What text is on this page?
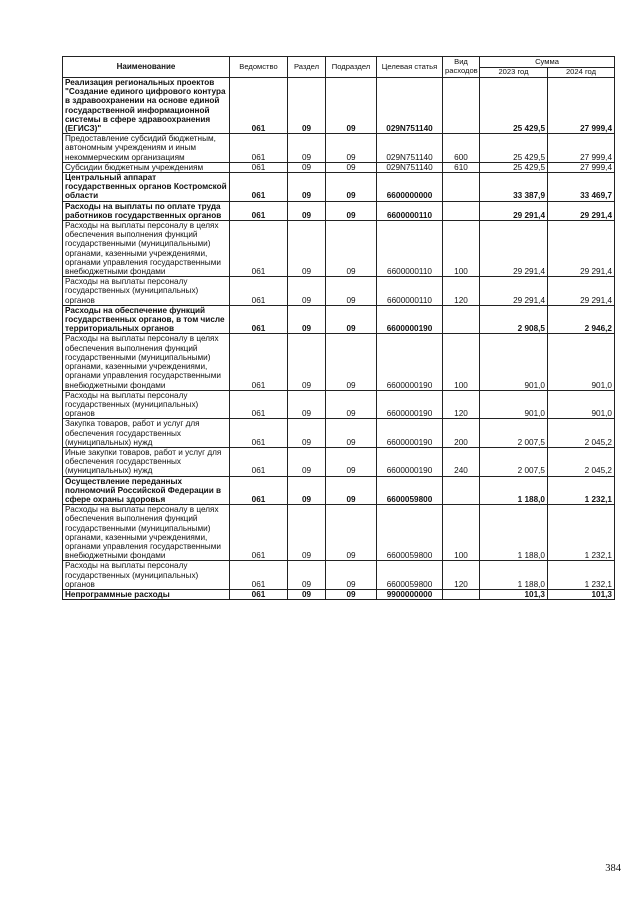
Наименование	Ведомство	Раздел	Подраздел	Целевая статья	Вид расходов	Сумма	
						2023 год	2024 год
Реализация региональных проектов "Создание единого цифрового контура в здравоохранении на основе единой государственной информационной системы в сфере здравоохранения (ЕГИСЗ)"	061	09	09	029N751140		25 429,5	27 999,4
Предоставление субсидий бюджетным, автономным учреждениям и иным некоммерческим организациям	061	09	09	029N751140	600	25 429,5	27 999,4
Субсидии бюджетным учреждениям	061	09	09	029N751140	610	25 429,5	27 999,4
Центральный аппарат государственных органов Костромской области	061	09	09	6600000000		33 387,9	33 469,7
Расходы на выплаты по оплате труда работников государственных органов	061	09	09	6600000110		29 291,4	29 291,4
Расходы на выплаты персоналу в целях обеспечения выполнения функций государственными (муниципальными) органами, казенными учреждениями, органами управления государственными внебюджетными фондами	061	09	09	6600000110	100	29 291,4	29 291,4
Расходы на выплаты персоналу государственных (муниципальных) органов	061	09	09	6600000110	120	29 291,4	29 291,4
Расходы на обеспечение функций государственных органов, в том числе территориальных органов	061	09	09	6600000190		2 908,5	2 946,2
Расходы на выплаты персоналу в целях обеспечения выполнения функций государственными (муниципальными) органами, казенными учреждениями, органами управления государственными внебюджетными фондами	061	09	09	6600000190	100	901,0	901,0
Расходы на выплаты персоналу государственных (муниципальных) органов	061	09	09	6600000190	120	901,0	901,0
Закупка товаров, работ и услуг для обеспечения государственных (муниципальных) нужд	061	09	09	6600000190	200	2 007,5	2 045,2
Иные закупки товаров, работ и услуг для обеспечения государственных (муниципальных) нужд	061	09	09	6600000190	240	2 007,5	2 045,2
Осуществление переданных полномочий Российской Федерации в сфере охраны здоровья	061	09	09	6600059800		1 188,0	1 232,1
Расходы на выплаты персоналу в целях обеспечения выполнения функций государственными (муниципальными) органами, казенными учреждениями, органами управления государственными внебюджетными фондами	061	09	09	6600059800	100	1 188,0	1 232,1
Расходы на выплаты персоналу государственных (муниципальных) органов	061	09	09	6600059800	120	1 188,0	1 232,1
Непрограммные расходы	061	09	09	9900000000		101,3	101,3
384
